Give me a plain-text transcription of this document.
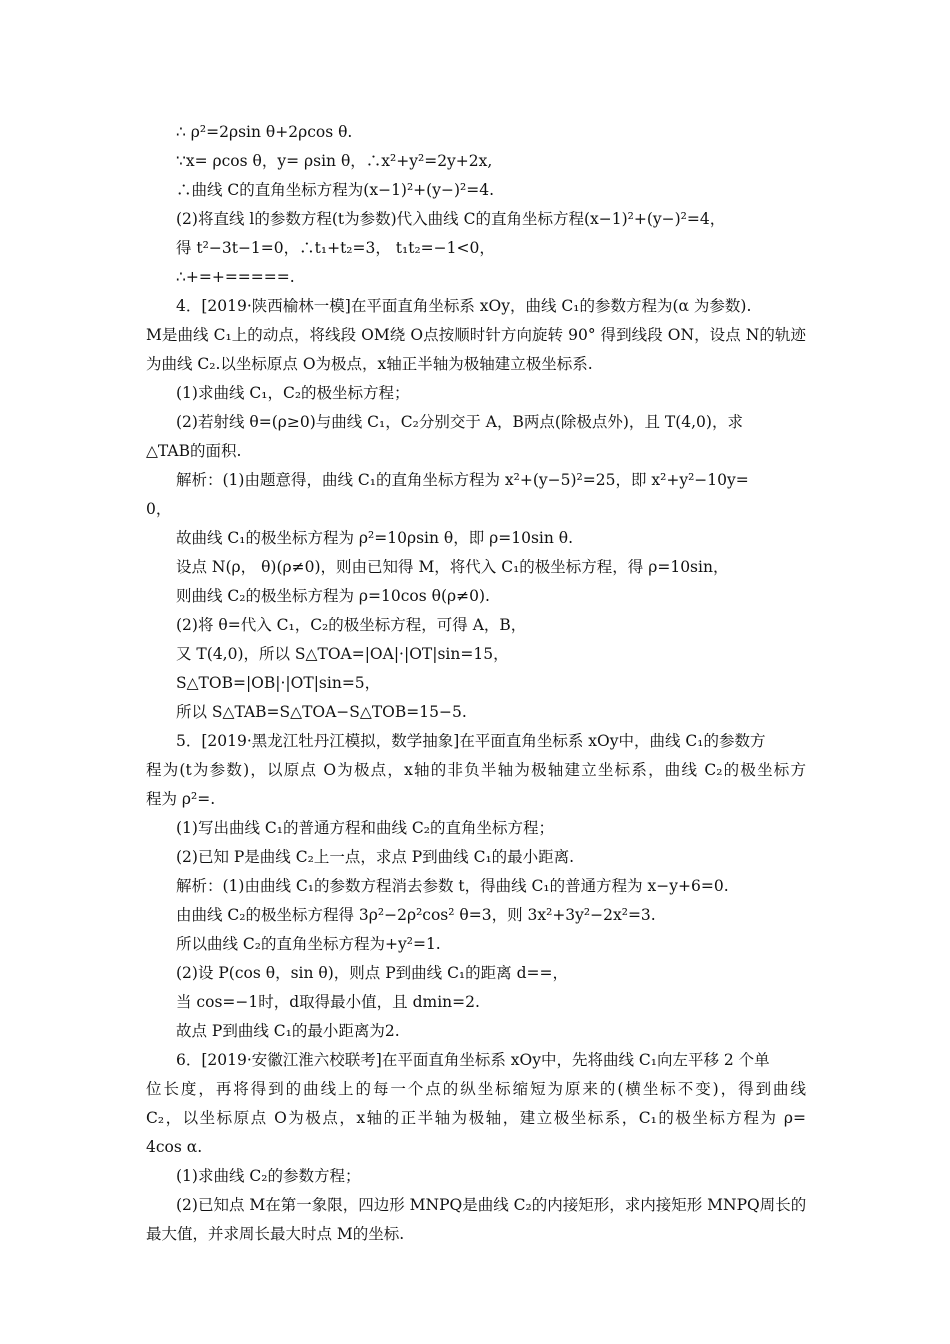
∴ ρ²=2ρsin θ+2ρcos θ.
∵x= ρcos θ，y= ρsin θ，∴x²+y²=2y+2x,
∴曲线 C的直角坐标方程为(x−1)²+(y−)²=4.
(2)将直线 l的参数方程(t为参数)代入曲线 C的直角坐标方程(x−1)²+(y−)²=4，
得 t²−3t−1=0，∴t₁+t₂=3， t₁t₂=−1<0，
∴+=+=====.
4．[2019·陕西榆林一模]在平面直角坐标系 xOy，曲线 C₁的参数方程为(α 为参数).
M是曲线 C₁上的动点，将线段 OM绕 O点按顺时针方向旋转 90° 得到线段 ON，设点 N的轨迹
为曲线 C₂.以坐标原点 O为极点，x轴正半轴为极轴建立极坐标系.
(1)求曲线 C₁，C₂的极坐标方程；
(2)若射线 θ=(ρ≥0)与曲线 C₁，C₂分别交于 A，B两点(除极点外)，且 T(4,0)，求
△TAB的面积.
解析：(1)由题意得，曲线 C₁的直角坐标方程为 x²+(y−5)²=25，即 x²+y²−10y=
0，
故曲线 C₁的极坐标方程为 ρ²=10ρsin θ，即 ρ=10sin θ.
设点 N(ρ， θ)(ρ≠0)，则由已知得 M，将代入 C₁的极坐标方程，得 ρ=10sin，
则曲线 C₂的极坐标方程为 ρ=10cos θ(ρ≠0).
(2)将 θ=代入 C₁，C₂的极坐标方程，可得 A，B，
又 T(4,0)，所以 S△TOA=|OA|·|OT|sin=15，
S△TOB=|OB|·|OT|sin=5，
所以 S△TAB=S△TOA−S△TOB=15−5.
5．[2019·黑龙江牡丹江模拟，数学抽象]在平面直角坐标系 xOy中，曲线 C₁的参数方
程为(t为参数)，以原点 O为极点，x轴的非负半轴为极轴建立坐标系，曲线 C₂的极坐标方
程为 ρ²=.
(1)写出曲线 C₁的普通方程和曲线 C₂的直角坐标方程；
(2)已知 P是曲线 C₂上一点，求点 P到曲线 C₁的最小距离.
解析：(1)由曲线 C₁的参数方程消去参数 t，得曲线 C₁的普通方程为 x−y+6=0.
由曲线 C₂的极坐标方程得 3ρ²−2ρ²cos² θ=3，则 3x²+3y²−2x²=3.
所以曲线 C₂的直角坐标方程为+y²=1.
(2)设 P(cos θ，sin θ)，则点 P到曲线 C₁的距离 d==，
当 cos=−1时，d取得最小值，且 dmin=2.
故点 P到曲线 C₁的最小距离为2.
6．[2019·安徽江淮六校联考]在平面直角坐标系 xOy中，先将曲线 C₁向左平移 2 个单
位长度，再将得到的曲线上的每一个点的纵坐标缩短为原来的(横坐标不变)，得到曲线
C₂，以坐标原点 O为极点，x轴的正半轴为极轴，建立极坐标系，C₁的极坐标方程为 ρ=
4cos α.
(1)求曲线 C₂的参数方程；
(2)已知点 M在第一象限，四边形 MNPQ是曲线 C₂的内接矩形，求内接矩形 MNPQ周长的
最大值，并求周长最大时点 M的坐标.
